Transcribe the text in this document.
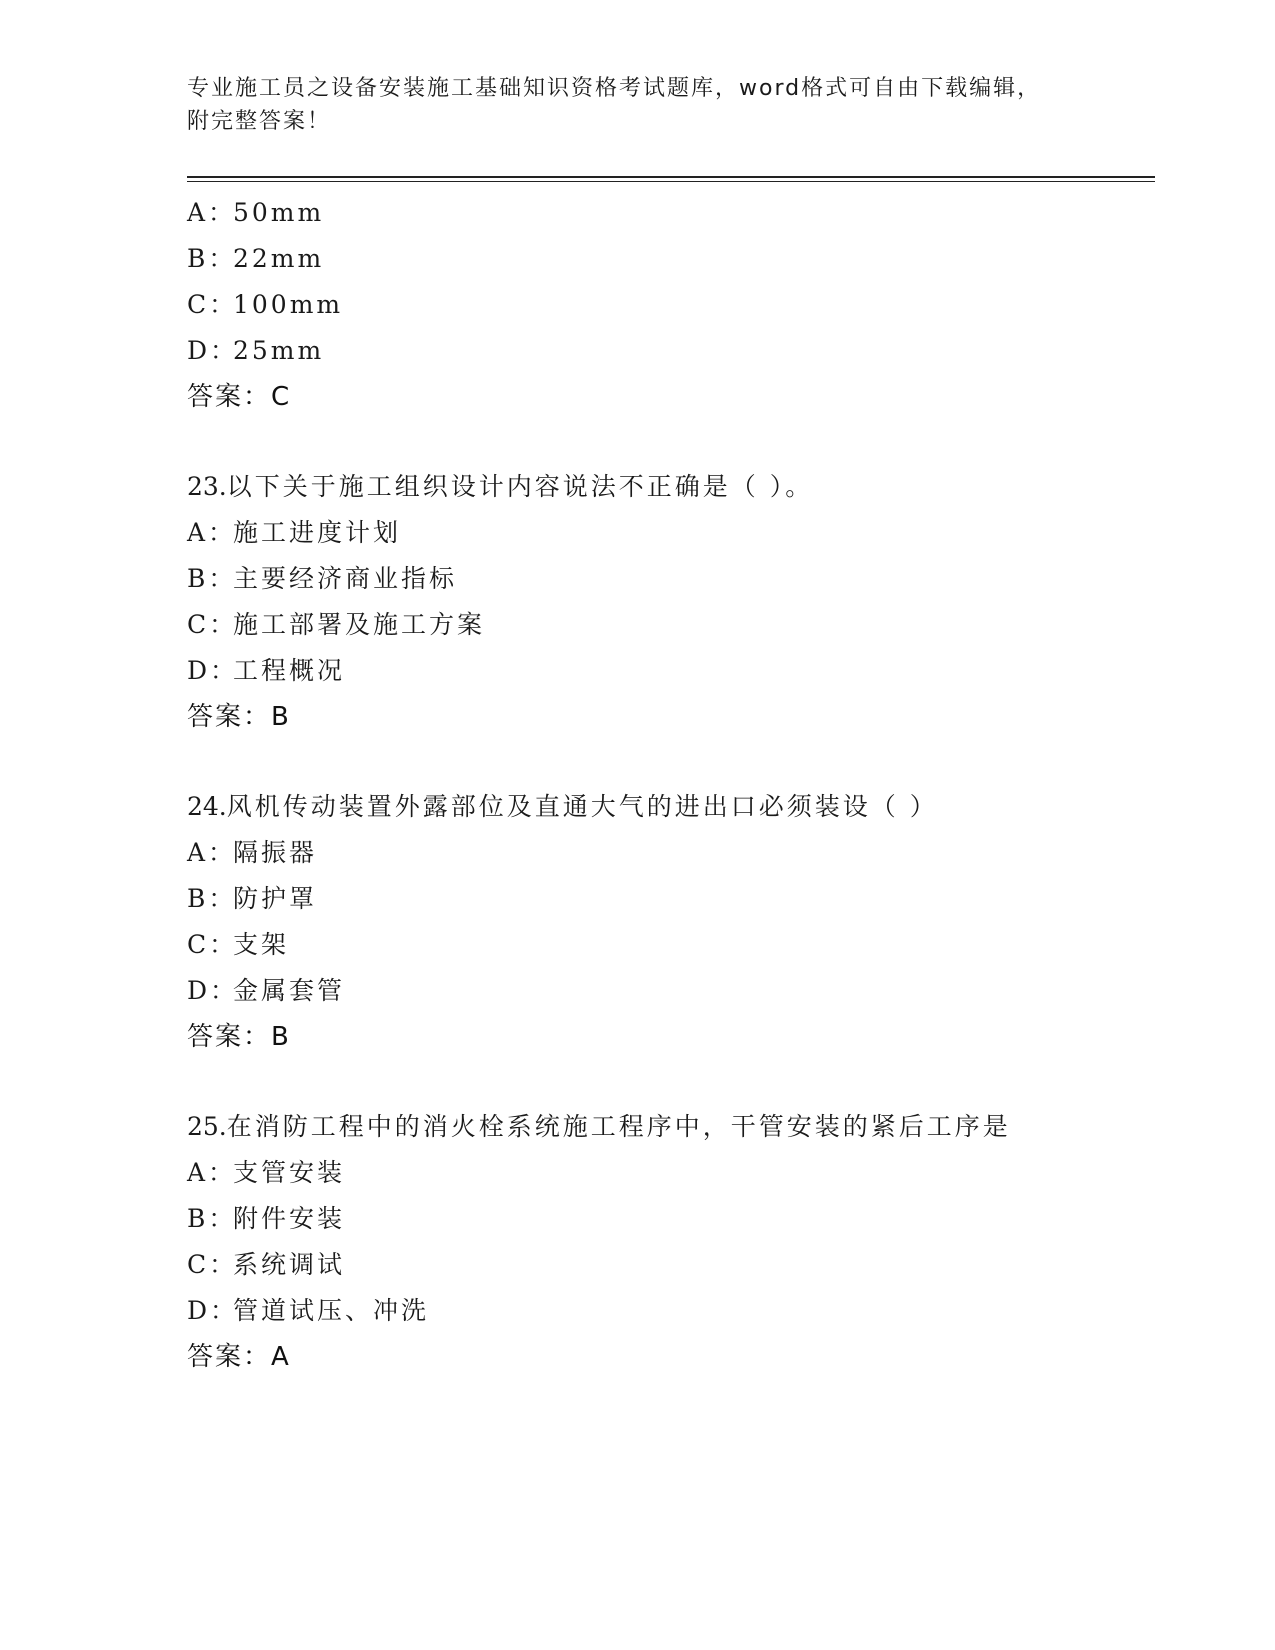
专业施工员之设备安装施工基础知识资格考试题库，word格式可自由下载编辑，
附完整答案！
A：50mm
B：22mm
C：100mm
D：25mm
答案：C
23.以下关于施工组织设计内容说法不正确是（ ）。
A：施工进度计划
B：主要经济商业指标
C：施工部署及施工方案
D：工程概况
答案：B
24.风机传动装置外露部位及直通大气的进出口必须装设（ ）
A：隔振器
B：防护罩
C：支架
D：金属套管
答案：B
25.在消防工程中的消火栓系统施工程序中，干管安装的紧后工序是
A：支管安装
B：附件安装
C：系统调试
D：管道试压、冲洗
答案：A
